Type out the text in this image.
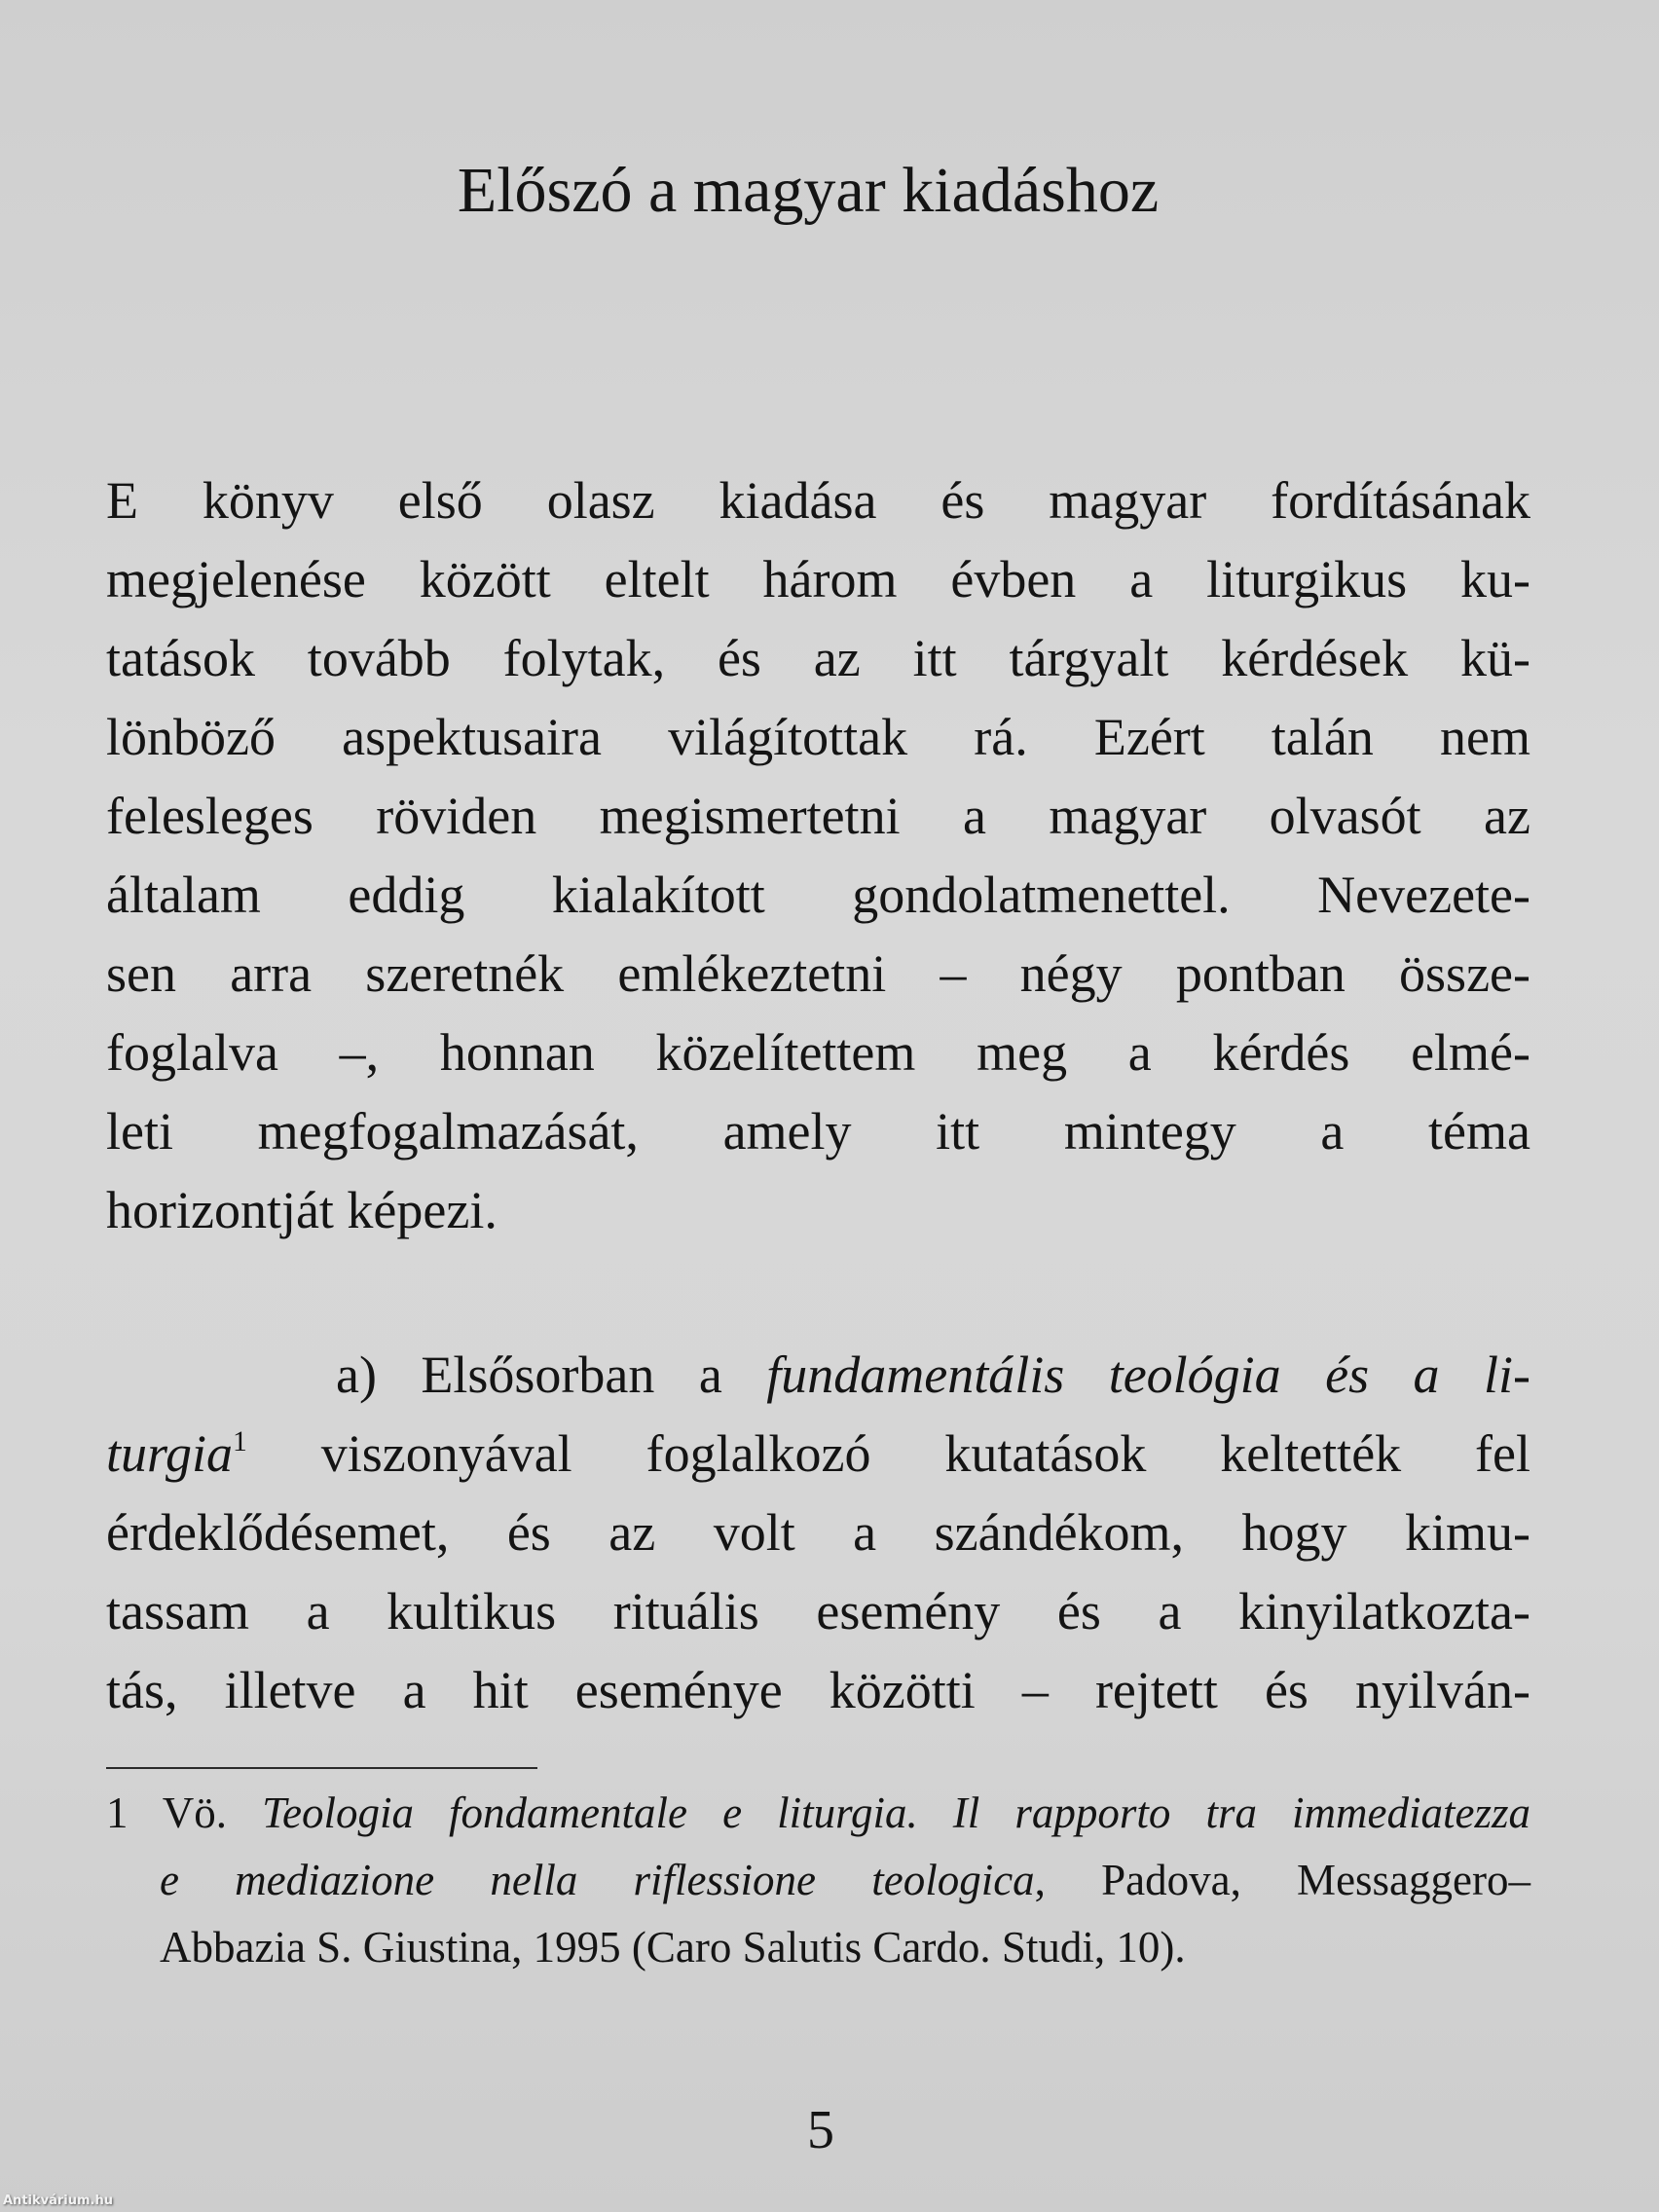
Előszó a magyar kiadáshoz
E könyv első olasz kiadása és magyar fordításának
megjelenése között eltelt három évben a liturgikus ku-
tatások tovább folytak, és az itt tárgyalt kérdések kü-
lönböző aspektusaira világítottak rá. Ezért talán nem
felesleges röviden megismertetni a magyar olvasót az
általam eddig kialakított gondolatmenettel. Nevezete-
sen arra szeretnék emlékeztetni – négy pontban össze-
foglalva –, honnan közelítettem meg a kérdés elmé-
leti megfogalmazását, amely itt mintegy a téma
horizontját képezi.
a) Elsősorban a fundamentális teológia és a li-
turgia$^1$ viszonyával foglalkozó kutatások keltették fel
érdeklődésemet, és az volt a szándékom, hogy kimu-
tassam a kultikus rituális esemény és a kinyilatkozta-
tás, illetve a hit eseménye közötti – rejtett és nyilván-
1 Vö. Teologia fondamentale e liturgia. Il rapporto tra immediatezza
e mediazione nella riflessione teologica, Padova, Messaggero–
Abbazia S. Giustina, 1995 (Caro Salutis Cardo. Studi, 10).
5
Antikvárium.hu
